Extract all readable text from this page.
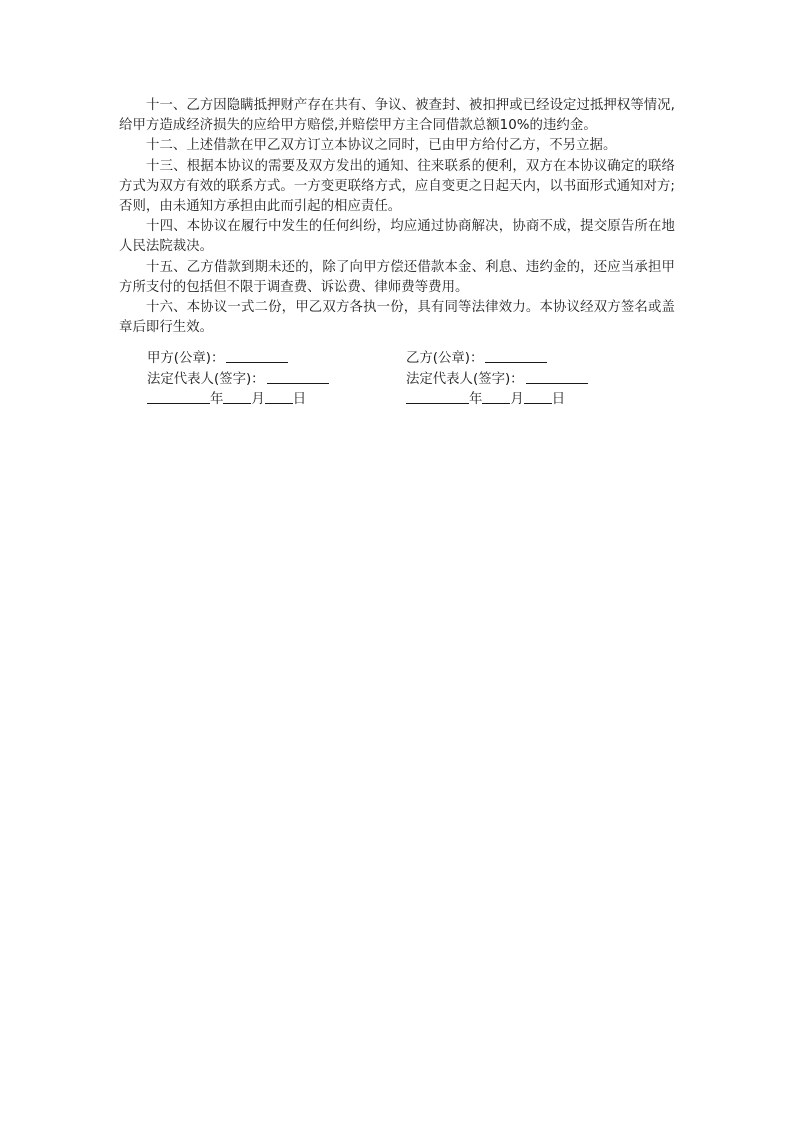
十一、乙方因隐瞒抵押财产存在共有、争议、被查封、被扣押或已经设定过抵押权等情况,给甲方造成经济损失的应给甲方赔偿,并赔偿甲方主合同借款总额10%的违约金。

十二、上述借款在甲乙双方订立本协议之同时，已由甲方给付乙方，不另立据。

十三、根据本协议的需要及双方发出的通知、往来联系的便利，双方在本协议确定的联络方式为双方有效的联系方式。一方变更联络方式，应自变更之日起天内，以书面形式通知对方;否则，由未通知方承担由此而引起的相应责任。

十四、本协议在履行中发生的任何纠纷，均应通过协商解决，协商不成，提交原告所在地人民法院裁决。

十五、乙方借款到期未还的，除了向甲方偿还借款本金、利息、违约金的，还应当承担甲方所支付的包括但不限于调查费、诉讼费、律师费等费用。

十六、本协议一式二份，甲乙双方各执一份，具有同等法律效力。本协议经双方签名或盖章后即行生效。

甲方(公章)：	乙方(公章)：
法定代表人(签字)：	法定代表人(签字)：
年 月 日	年 月 日
